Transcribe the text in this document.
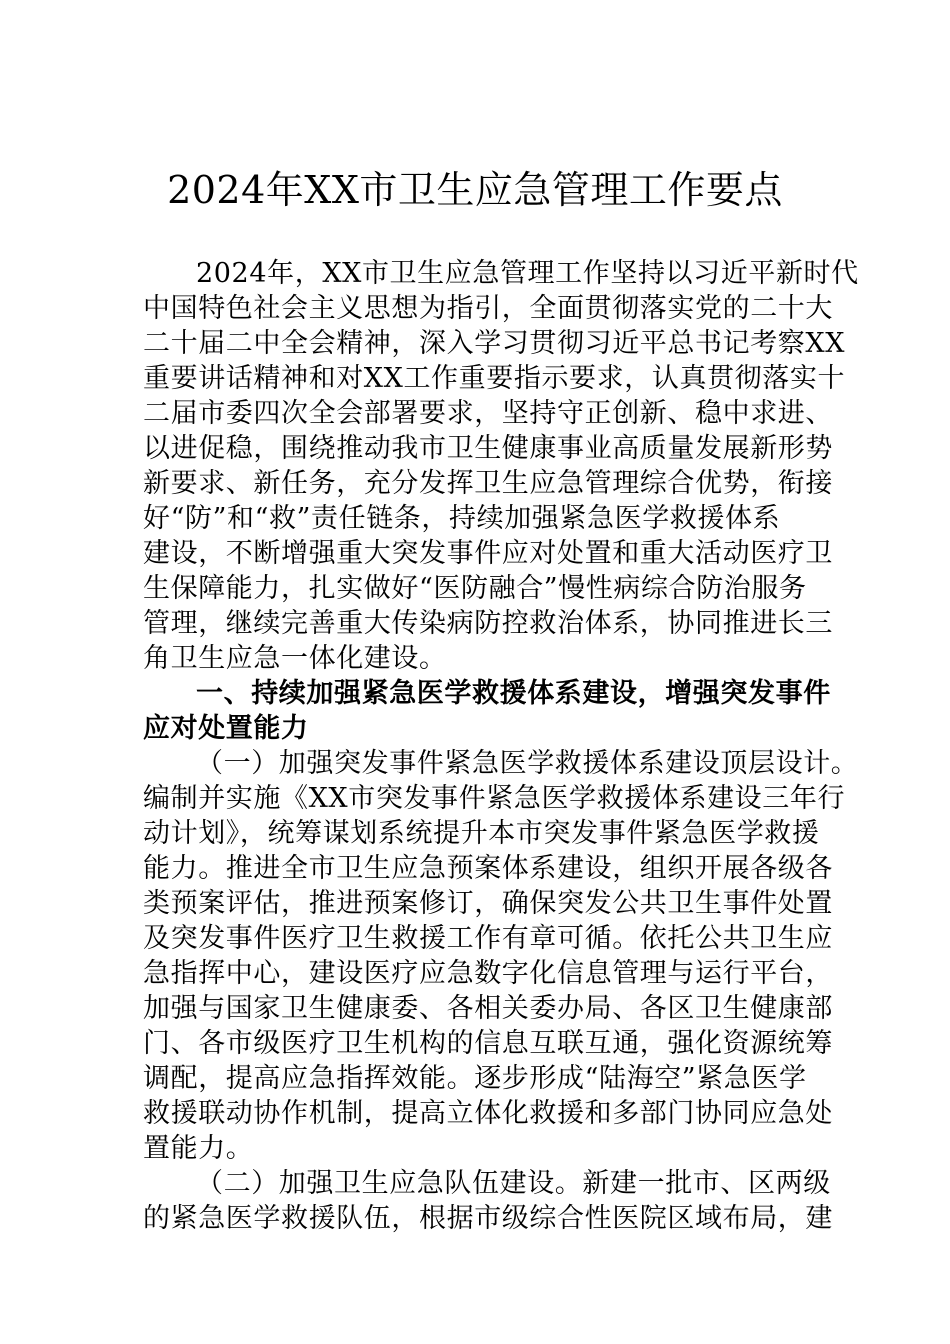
2024年XX市卫生应急管理工作要点
2024年，XX市卫生应急管理工作坚持以习近平新时代
中国特色社会主义思想为指引，全面贯彻落实党的二十大
二十届二中全会精神，深入学习贯彻习近平总书记考察XX
重要讲话精神和对XX工作重要指示要求，认真贯彻落实十
二届市委四次全会部署要求，坚持守正创新、稳中求进、
以进促稳，围绕推动我市卫生健康事业高质量发展新形势
新要求、新任务，充分发挥卫生应急管理综合优势，衔接
好“防”和“救”责任链条，持续加强紧急医学救援体系
建设，不断增强重大突发事件应对处置和重大活动医疗卫
生保障能力，扎实做好“医防融合”慢性病综合防治服务
管理，继续完善重大传染病防控救治体系，协同推进长三
角卫生应急一体化建设。
一、持续加强紧急医学救援体系建设，增强突发事件
应对处置能力
（一）加强突发事件紧急医学救援体系建设顶层设计。
编制并实施《XX市突发事件紧急医学救援体系建设三年行
动计划》，统筹谋划系统提升本市突发事件紧急医学救援
能力。推进全市卫生应急预案体系建设，组织开展各级各
类预案评估，推进预案修订，确保突发公共卫生事件处置
及突发事件医疗卫生救援工作有章可循。依托公共卫生应
急指挥中心，建设医疗应急数字化信息管理与运行平台，
加强与国家卫生健康委、各相关委办局、各区卫生健康部
门、各市级医疗卫生机构的信息互联互通，强化资源统筹
调配，提高应急指挥效能。逐步形成“陆海空”紧急医学
救援联动协作机制，提高立体化救援和多部门协同应急处
置能力。
（二）加强卫生应急队伍建设。新建一批市、区两级
的紧急医学救援队伍，根据市级综合性医院区域布局，建
